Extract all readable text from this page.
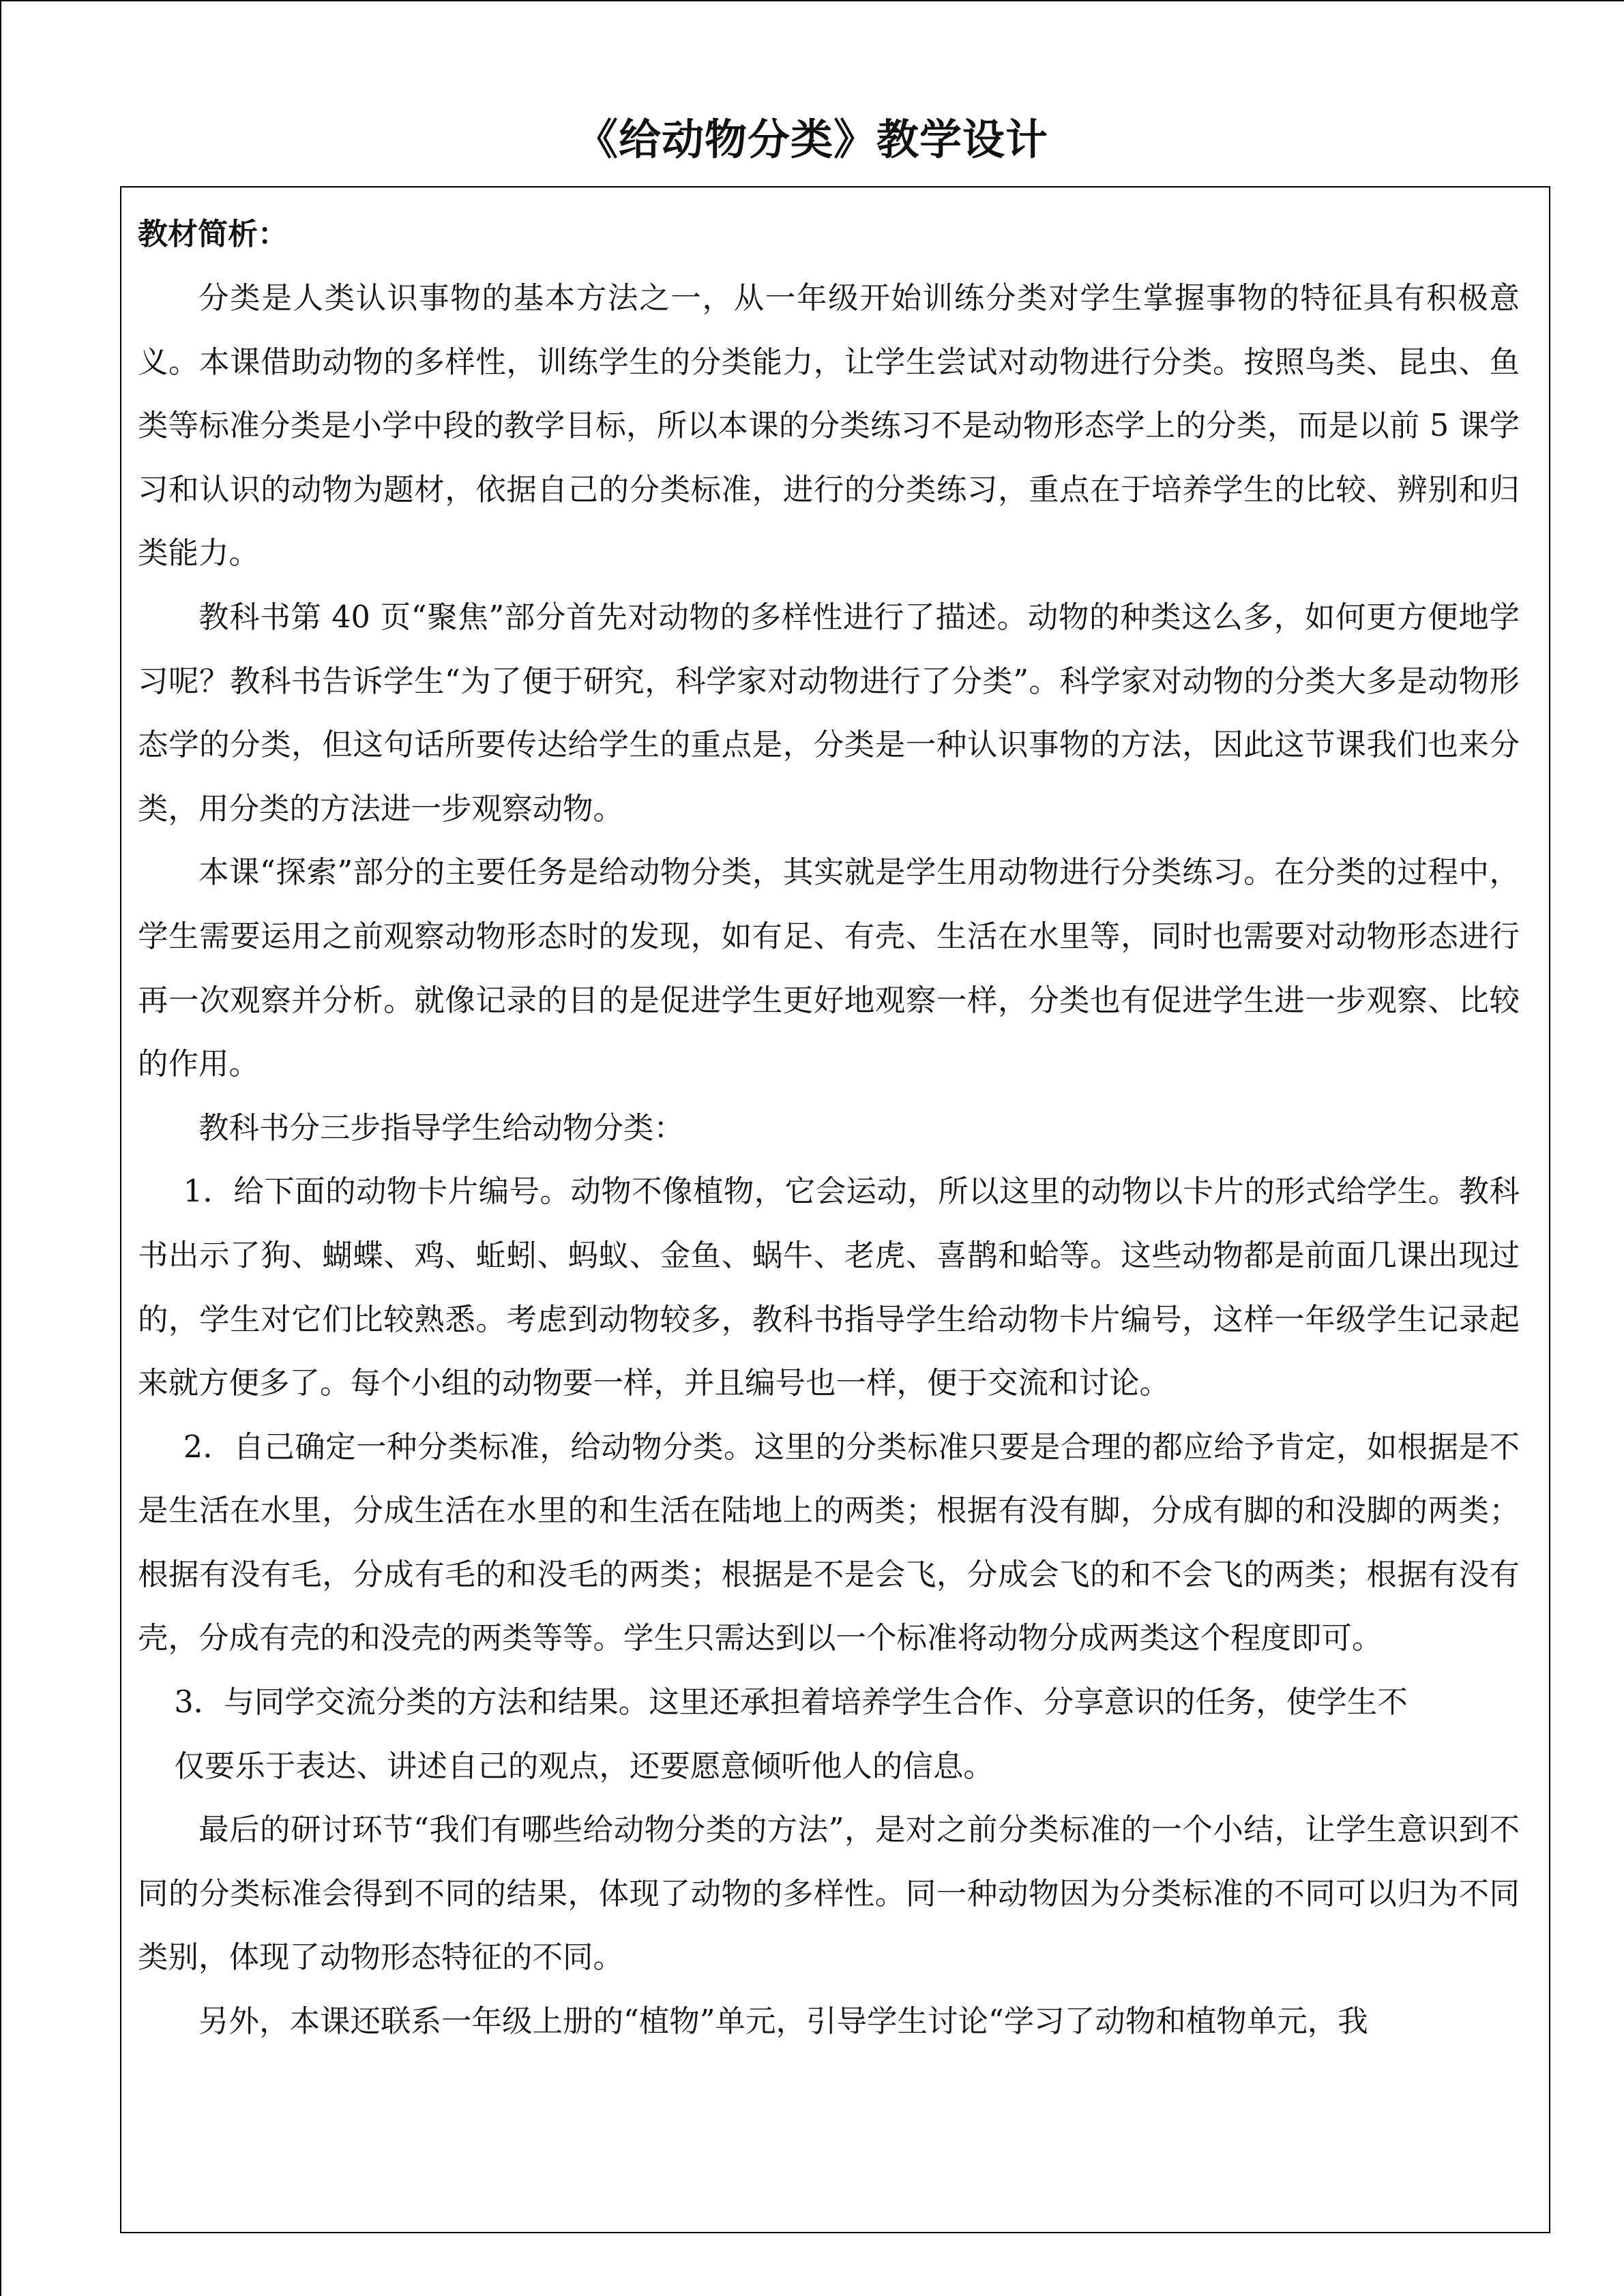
《给动物分类》教学设计
教材简析：

分类是人类认识事物的基本方法之一，从一年级开始训练分类对学生掌握事物的特征具有积极意义。本课借助动物的多样性，训练学生的分类能力，让学生尝试对动物进行分类。按照鸟类、昆虫、鱼类等标准分类是小学中段的教学目标，所以本课的分类练习不是动物形态学上的分类，而是以前 5 课学习和认识的动物为题材，依据自己的分类标准，进行的分类练习，重点在于培养学生的比较、辨别和归类能力。

教科书第 40 页“聚焦”部分首先对动物的多样性进行了描述。动物的种类这么多，如何更方便地学习呢？教科书告诉学生“为了便于研究，科学家对动物进行了分类”。科学家对动物的分类大多是动物形态学的分类，但这句话所要传达给学生的重点是，分类是一种认识事物的方法，因此这节课我们也来分类，用分类的方法进一步观察动物。

本课“探索”部分的主要任务是给动物分类，其实就是学生用动物进行分类练习。在分类的过程中，学生需要运用之前观察动物形态时的发现，如有足、有壳、生活在水里等，同时也需要对动物形态进行再一次观察并分析。就像记录的目的是促进学生更好地观察一样，分类也有促进学生进一步观察、比较的作用。

教科书分三步指导学生给动物分类：

1．给下面的动物卡片编号。动物不像植物，它会运动，所以这里的动物以卡片的形式给学生。教科书出示了狗、蝴蝶、鸡、蚯蚓、蚂蚁、金鱼、蜗牛、老虎、喜鹊和蛤等。这些动物都是前面几课出现过的，学生对它们比较熟悉。考虑到动物较多，教科书指导学生给动物卡片编号，这样一年级学生记录起来就方便多了。每个小组的动物要一样，并且编号也一样，便于交流和讨论。

2．自己确定一种分类标准，给动物分类。这里的分类标准只要是合理的都应给予肯定，如根据是不是生活在水里，分成生活在水里的和生活在陆地上的两类；根据有没有脚，分成有脚的和没脚的两类；根据有没有毛，分成有毛的和没毛的两类；根据是不是会飞，分成会飞的和不会飞的两类；根据有没有壳，分成有壳的和没壳的两类等等。学生只需达到以一个标准将动物分成两类这个程度即可。

3．与同学交流分类的方法和结果。这里还承担着培养学生合作、分享意识的任务，使学生不
仅要乐于表达、讲述自己的观点，还要愿意倾听他人的信息。

最后的研讨环节“我们有哪些给动物分类的方法”，是对之前分类标准的一个小结，让学生意识到不同的分类标准会得到不同的结果，体现了动物的多样性。同一种动物因为分类标准的不同可以归为不同类别，体现了动物形态特征的不同。

另外，本课还联系一年级上册的“植物”单元，引导学生讨论“学习了动物和植物单元，我
